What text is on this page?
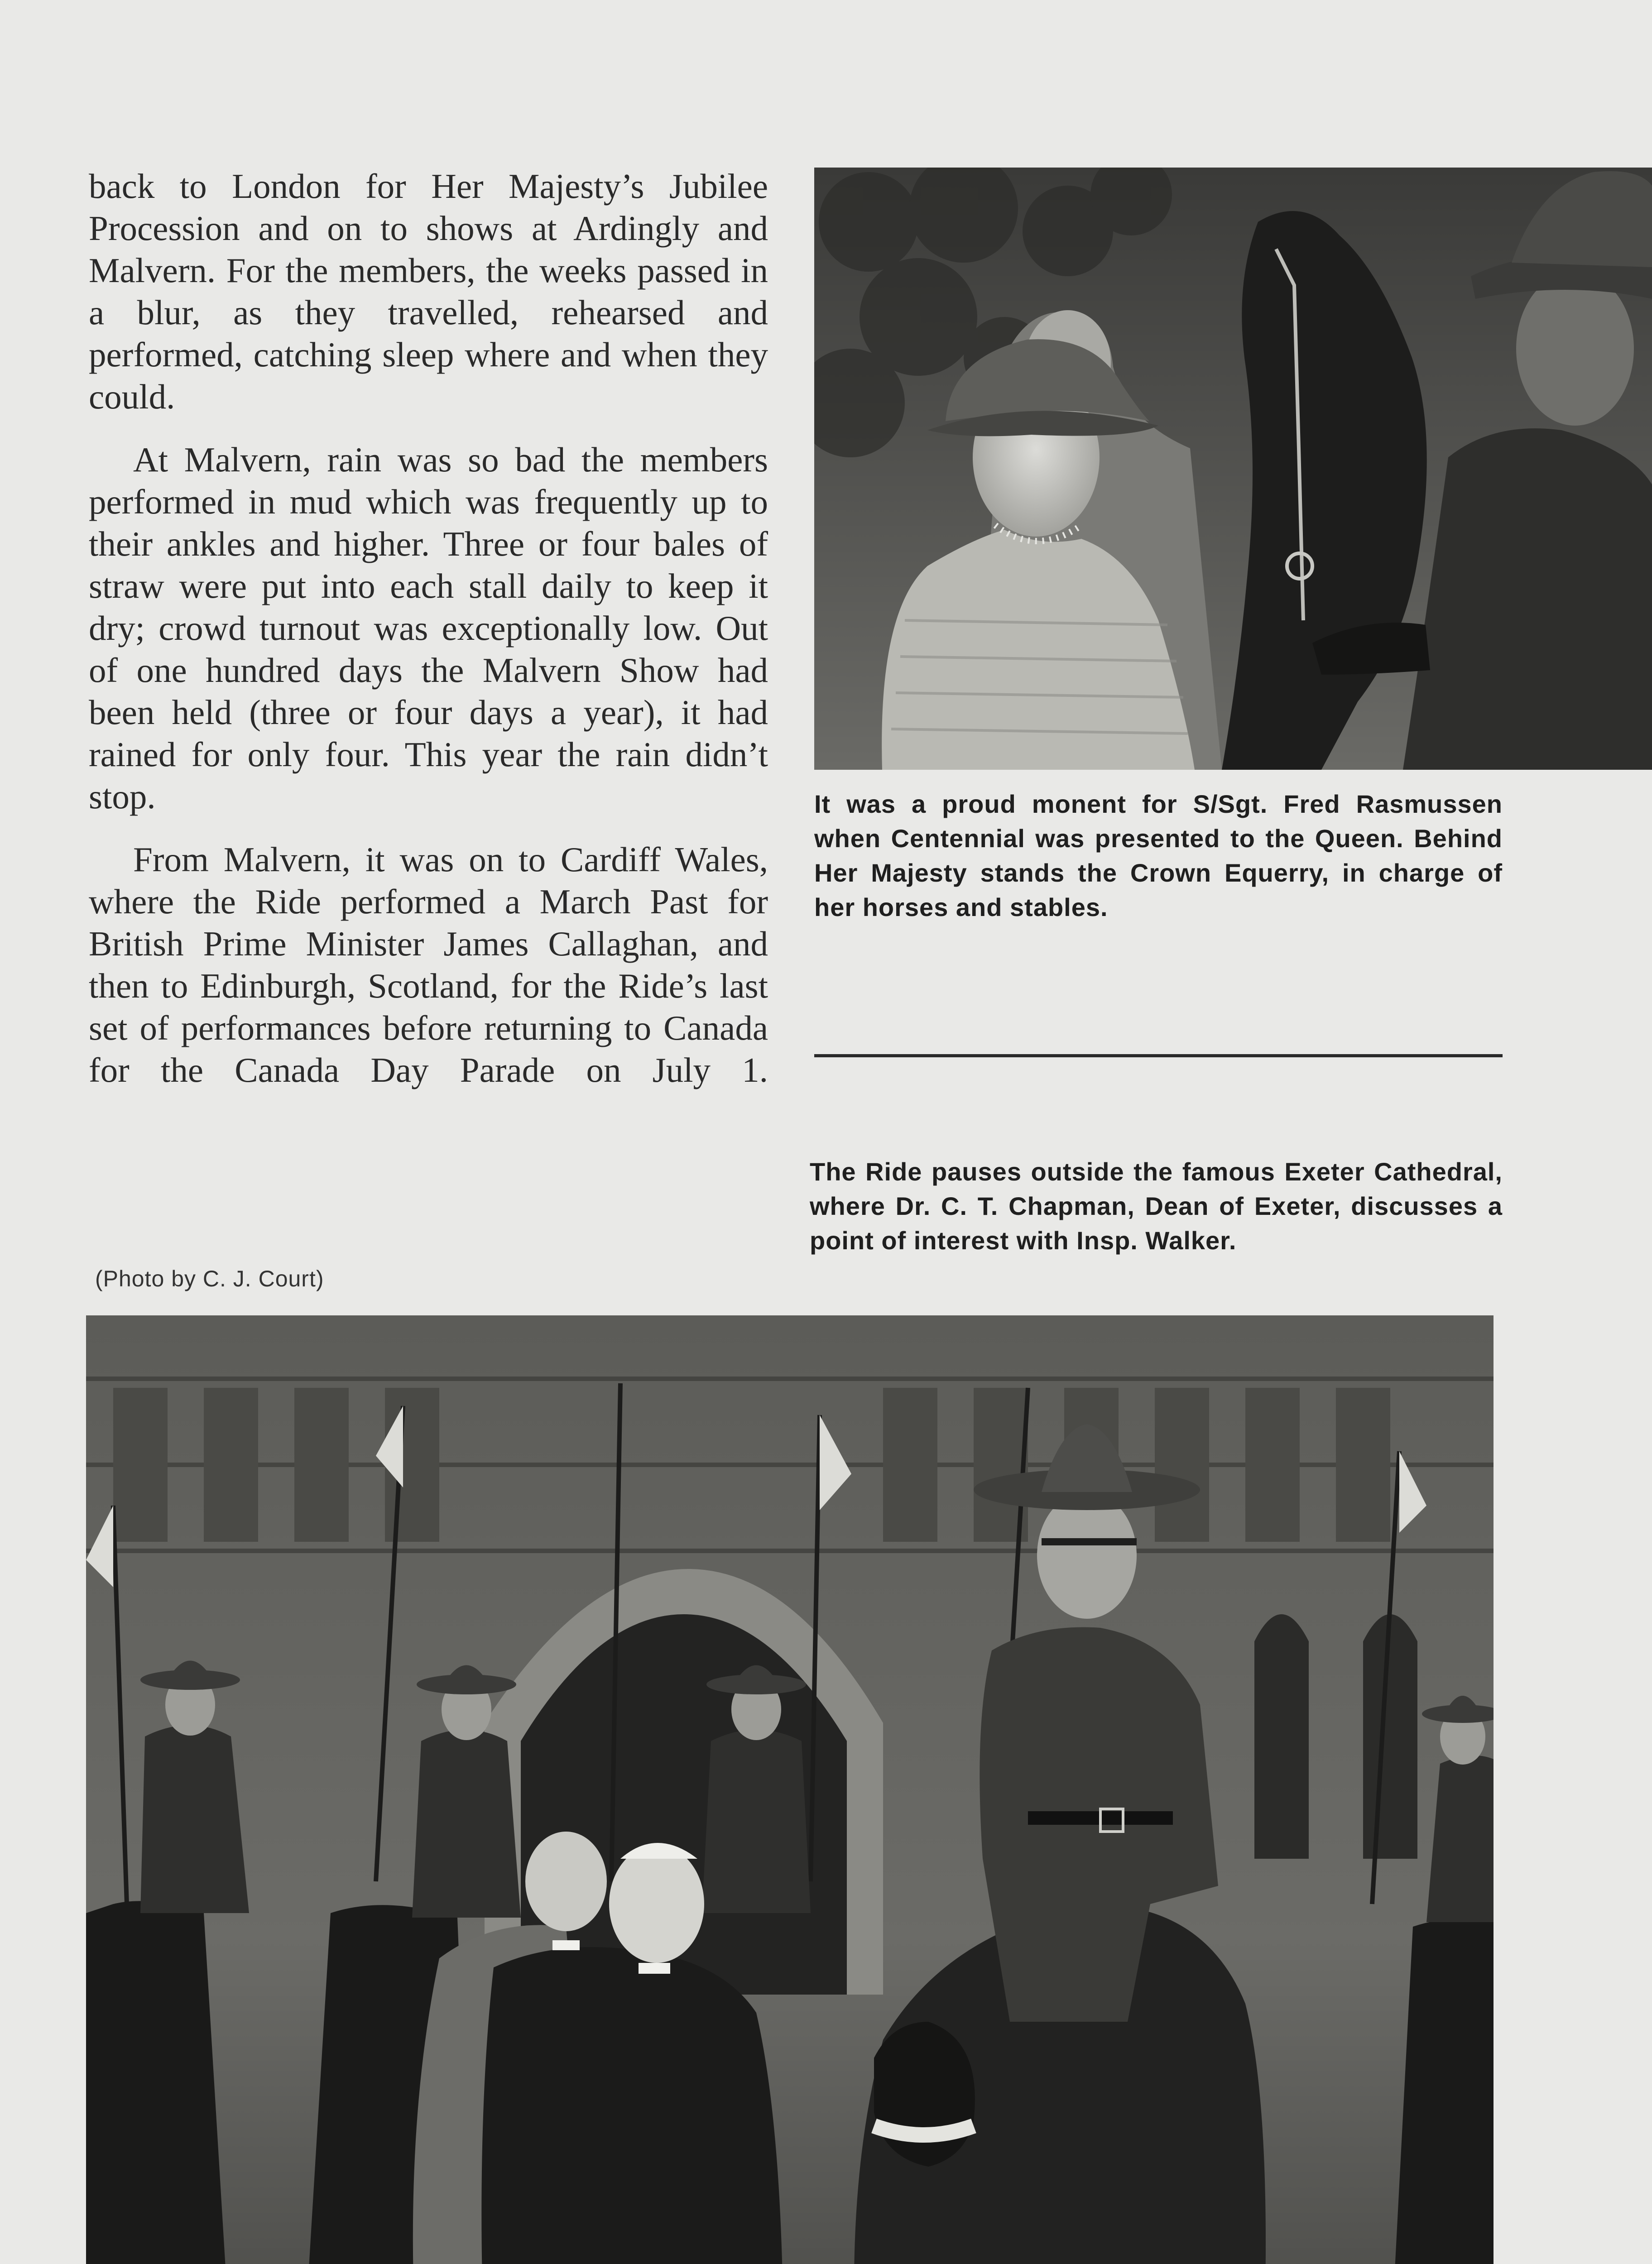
back to London for Her Majesty’s Jubilee Procession and on to shows at Ardingly and Malvern. For the members, the weeks passed in a blur, as they travelled, rehearsed and performed, catching sleep where and when they could.

At Malvern, rain was so bad the members performed in mud which was frequently up to their ankles and higher. Three or four bales of straw were put into each stall daily to keep it dry; crowd turnout was exceptionally low. Out of one hundred days the Malvern Show had been held (three or four days a year), it had rained for only four. This year the rain didn’t stop.

From Malvern, it was on to Cardiff Wales, where the Ride performed a March Past for British Prime Minister James Callaghan, and then to Edinburgh, Scotland, for the Ride’s last set of performances before returning to Canada for the Canada Day Parade on July 1.

(Photo by C. J. Court)
It was a proud monent for S/Sgt. Fred Rasmussen when Centennial was presented to the Queen. Behind Her Majesty stands the Crown Equerry, in charge of her horses and stables.
The Ride pauses outside the famous Exeter Cathedral, where Dr. C. T. Chapman, Dean of Exeter, discusses a point of interest with Insp. Walker.
